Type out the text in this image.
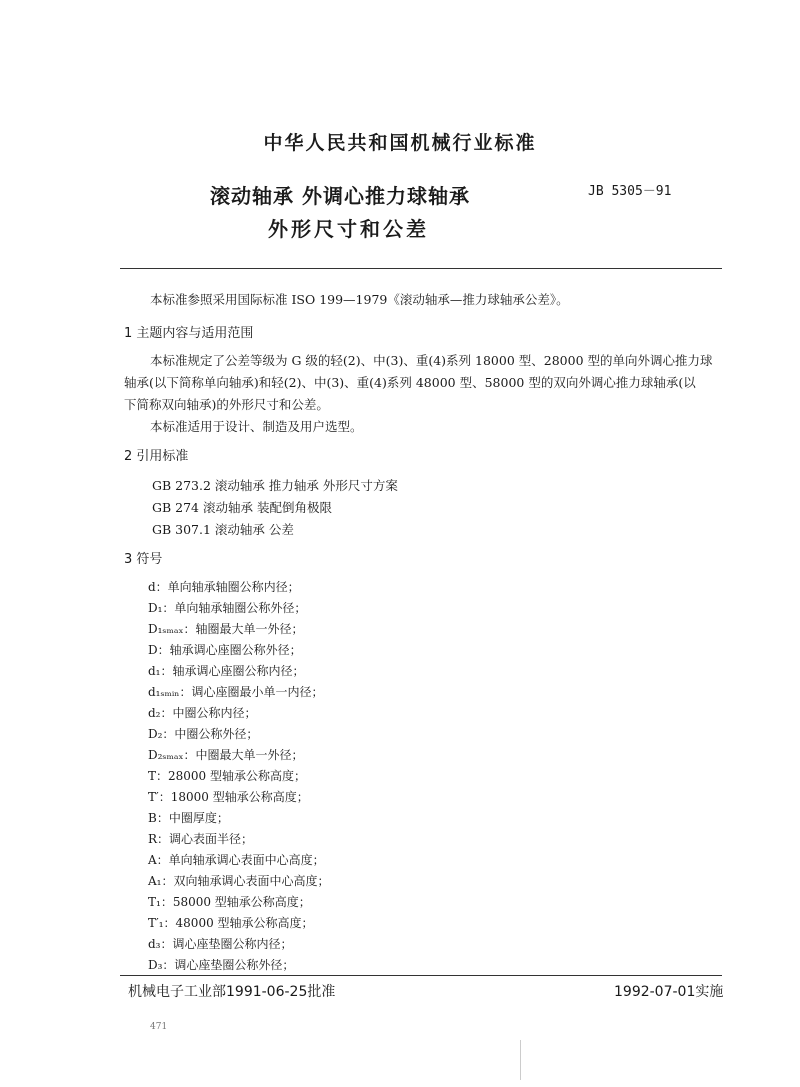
中华人民共和国机械行业标准
滚动轴承 外调心推力球轴承
外形尺寸和公差
JB 5305－91
本标准参照采用国际标准 ISO 199—1979《滚动轴承—推力球轴承公差》。
1 主题内容与适用范围
本标准规定了公差等级为 G 级的轻(2)、中(3)、重(4)系列 18000 型、28000 型的单向外调心推力球
轴承(以下简称单向轴承)和轻(2)、中(3)、重(4)系列 48000 型、58000 型的双向外调心推力球轴承(以
下简称双向轴承)的外形尺寸和公差。
本标准适用于设计、制造及用户选型。
2 引用标准
GB 273.2 滚动轴承 推力轴承 外形尺寸方案
GB 274 滚动轴承 装配倒角极限
GB 307.1 滚动轴承 公差
3 符号
d：单向轴承轴圈公称内径；
D₁：单向轴承轴圈公称外径；
D₁ₛₘₐₓ：轴圈最大单一外径；
D：轴承调心座圈公称外径；
d₁：轴承调心座圈公称内径；
d₁ₛₘᵢₙ：调心座圈最小单一内径；
d₂：中圈公称内径；
D₂：中圈公称外径；
D₂ₛₘₐₓ：中圈最大单一外径；
T：28000 型轴承公称高度；
T′：18000 型轴承公称高度；
B：中圈厚度；
R：调心表面半径；
A：单向轴承调心表面中心高度；
A₁：双向轴承调心表面中心高度；
T₁：58000 型轴承公称高度；
T′₁：48000 型轴承公称高度；
d₃：调心座垫圈公称内径；
D₃：调心座垫圈公称外径；
机械电子工业部1991-06-25批准	1992-07-01实施
471
